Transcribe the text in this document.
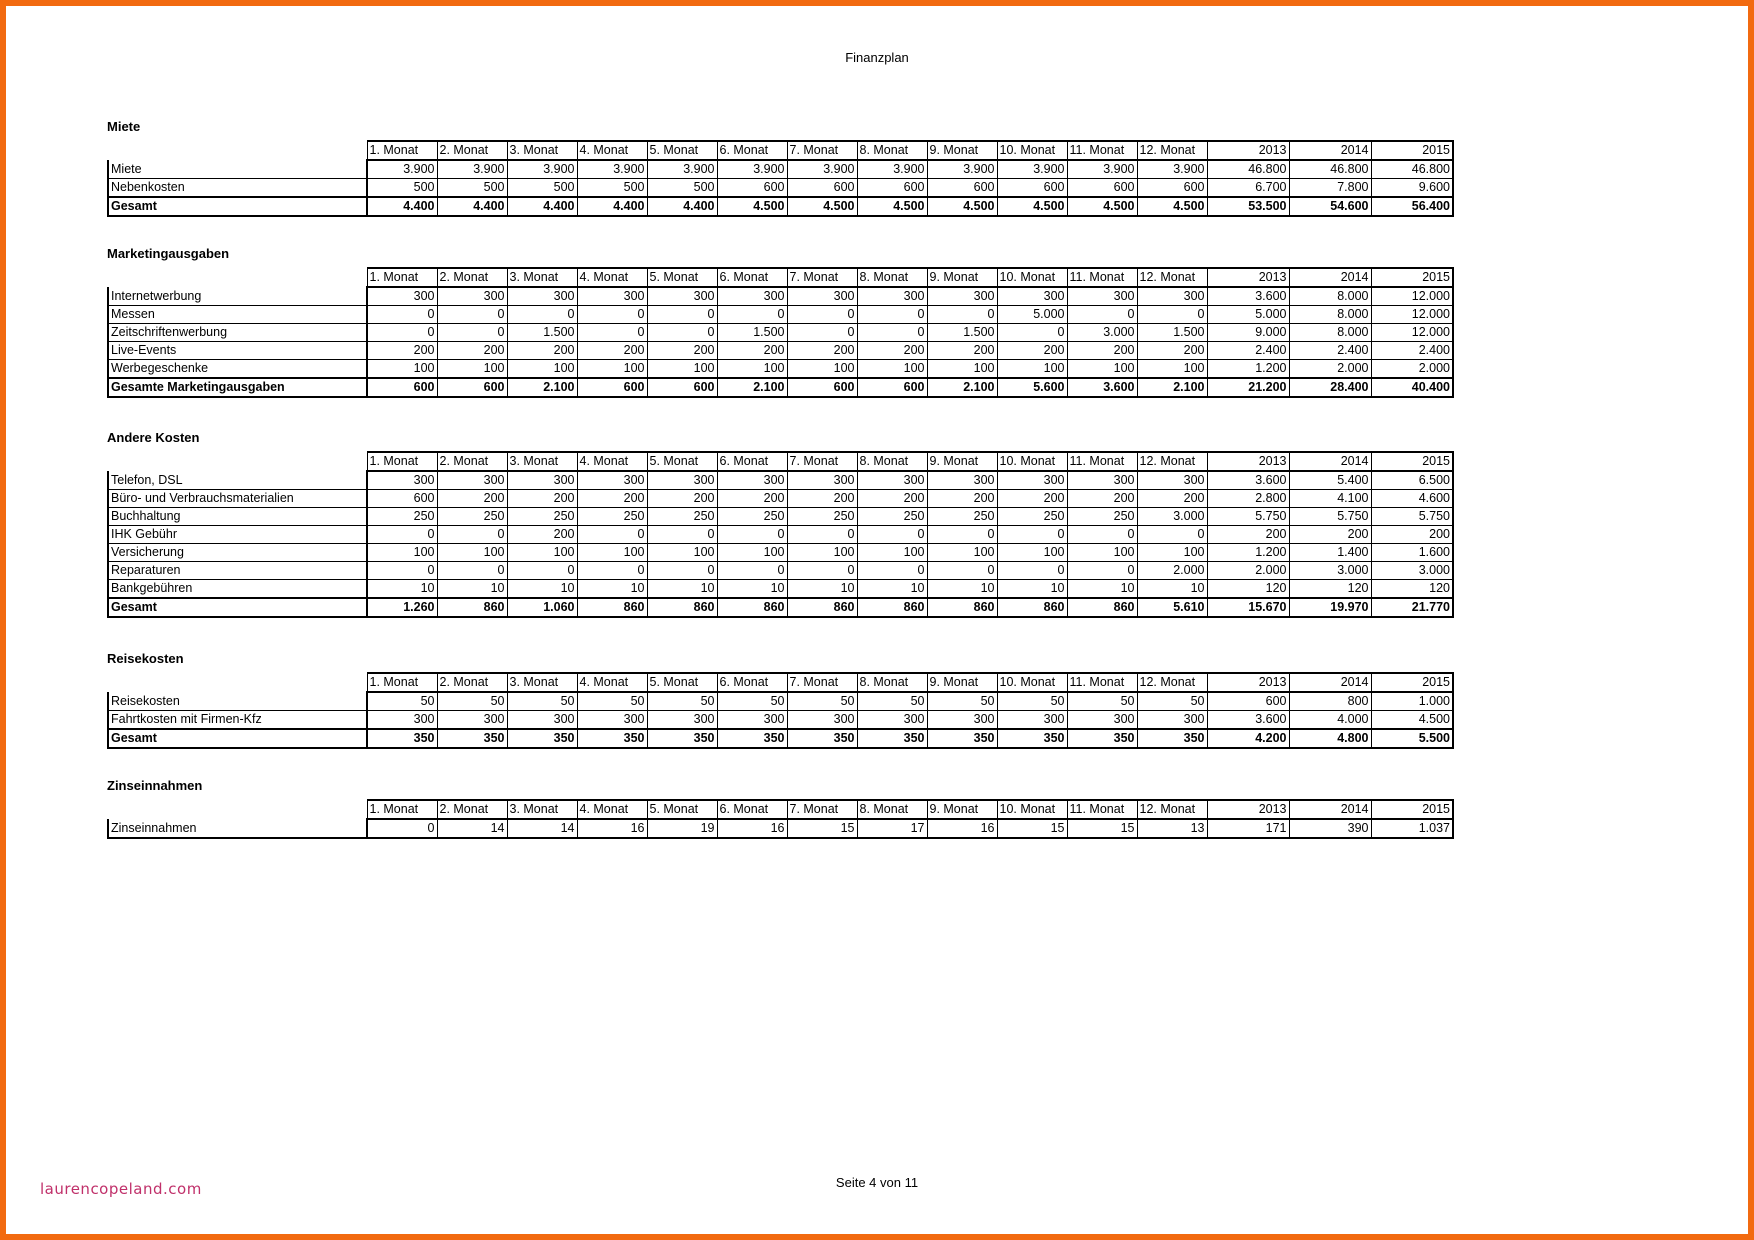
Finanzplan
Miete
	1. Monat	2. Monat	3. Monat	4. Monat	5. Monat	6. Monat	7. Monat	8. Monat	9. Monat	10. Monat	11. Monat	12. Monat	2013	2014	2015
Miete	3.900	3.900	3.900	3.900	3.900	3.900	3.900	3.900	3.900	3.900	3.900	3.900	46.800	46.800	46.800
Nebenkosten	500	500	500	500	500	600	600	600	600	600	600	600	6.700	7.800	9.600
Gesamt	4.400	4.400	4.400	4.400	4.400	4.500	4.500	4.500	4.500	4.500	4.500	4.500	53.500	54.600	56.400
Marketingausgaben
	1. Monat	2. Monat	3. Monat	4. Monat	5. Monat	6. Monat	7. Monat	8. Monat	9. Monat	10. Monat	11. Monat	12. Monat	2013	2014	2015
Internetwerbung	300	300	300	300	300	300	300	300	300	300	300	300	3.600	8.000	12.000
Messen	0	0	0	0	0	0	0	0	0	5.000	0	0	5.000	8.000	12.000
Zeitschriftenwerbung	0	0	1.500	0	0	1.500	0	0	1.500	0	3.000	1.500	9.000	8.000	12.000
Live-Events	200	200	200	200	200	200	200	200	200	200	200	200	2.400	2.400	2.400
Werbegeschenke	100	100	100	100	100	100	100	100	100	100	100	100	1.200	2.000	2.000
Gesamte Marketingausgaben	600	600	2.100	600	600	2.100	600	600	2.100	5.600	3.600	2.100	21.200	28.400	40.400
Andere Kosten
	1. Monat	2. Monat	3. Monat	4. Monat	5. Monat	6. Monat	7. Monat	8. Monat	9. Monat	10. Monat	11. Monat	12. Monat	2013	2014	2015
Telefon, DSL	300	300	300	300	300	300	300	300	300	300	300	300	3.600	5.400	6.500
Büro- und Verbrauchsmaterialien	600	200	200	200	200	200	200	200	200	200	200	200	2.800	4.100	4.600
Buchhaltung	250	250	250	250	250	250	250	250	250	250	250	3.000	5.750	5.750	5.750
IHK Gebühr	0	0	200	0	0	0	0	0	0	0	0	0	200	200	200
Versicherung	100	100	100	100	100	100	100	100	100	100	100	100	1.200	1.400	1.600
Reparaturen	0	0	0	0	0	0	0	0	0	0	0	2.000	2.000	3.000	3.000
Bankgebühren	10	10	10	10	10	10	10	10	10	10	10	10	120	120	120
Gesamt	1.260	860	1.060	860	860	860	860	860	860	860	860	5.610	15.670	19.970	21.770
Reisekosten
	1. Monat	2. Monat	3. Monat	4. Monat	5. Monat	6. Monat	7. Monat	8. Monat	9. Monat	10. Monat	11. Monat	12. Monat	2013	2014	2015
Reisekosten	50	50	50	50	50	50	50	50	50	50	50	50	600	800	1.000
Fahrtkosten mit Firmen-Kfz	300	300	300	300	300	300	300	300	300	300	300	300	3.600	4.000	4.500
Gesamt	350	350	350	350	350	350	350	350	350	350	350	350	4.200	4.800	5.500
Zinseinnahmen
	1. Monat	2. Monat	3. Monat	4. Monat	5. Monat	6. Monat	7. Monat	8. Monat	9. Monat	10. Monat	11. Monat	12. Monat	2013	2014	2015
Zinseinnahmen	0	14	14	16	19	16	15	17	16	15	15	13	171	390	1.037
Seite 4 von 11
laurencopeland.com
